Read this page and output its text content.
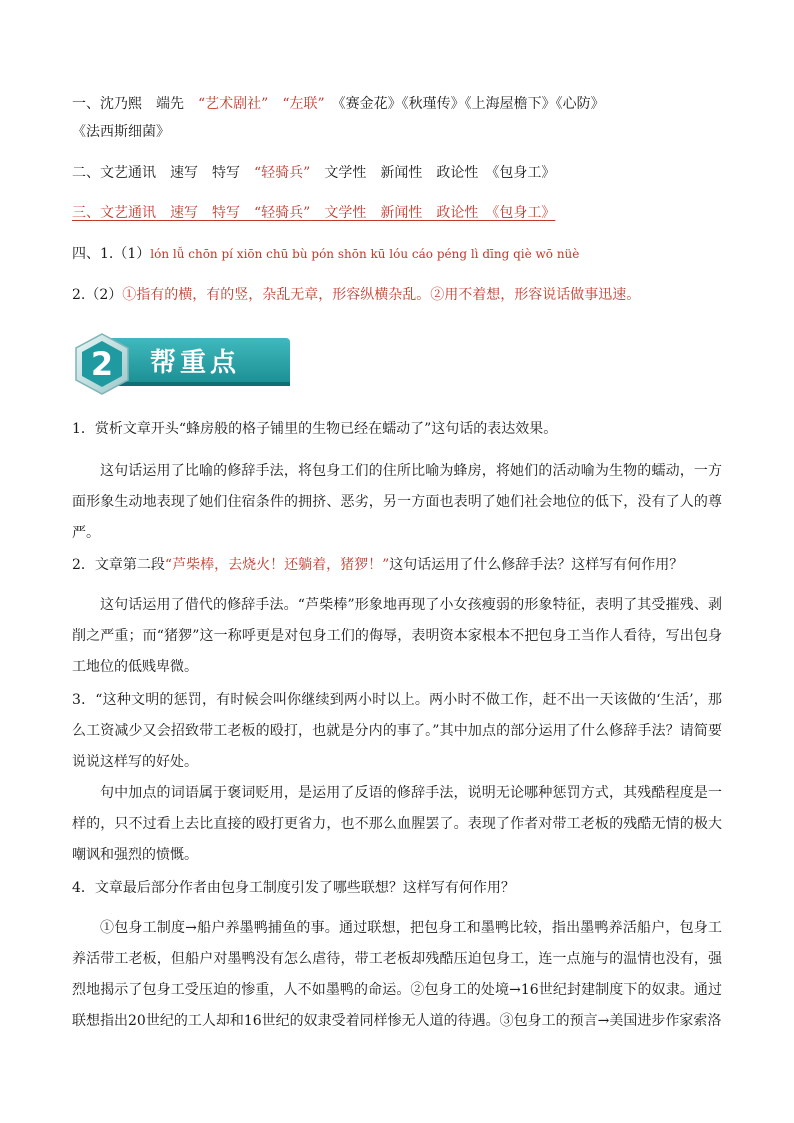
一、沈乃熙　端先　“艺术剧社”　“左联”　《赛金花》《秋瑾传》《上海屋檐下》《心防》
《法西斯细菌》
二、文艺通讯　速写　特写　“轻骑兵”　文学性　新闻性　政论性　《包身工》
三、文艺通讯　速写　特写　“轻骑兵”　文学性　新闻性　政论性　《包身工》
四、1.（1）lón lǚ chōn pí xiōn chū bù pón shōn kū lóu cáo péng lì dīng qiè wō nüè
2.（2）①指有的横，有的竖，杂乱无章，形容纵横杂乱。②用不着想，形容说话做事迅速。
2 帮重点
1．赏析文章开头“蜂房般的格子铺里的生物已经在蠕动了”这句话的表达效果。
这句话运用了比喻的修辞手法，将包身工们的住所比喻为蜂房，将她们的活动喻为生物的蠕动，一方面形象生动地表现了她们住宿条件的拥挤、恶劣，另一方面也表明了她们社会地位的低下，没有了人的尊严。
2．文章第二段“芦柴棒，去烧火！还躺着，猪猡！”这句话运用了什么修辞手法？这样写有何作用？
这句话运用了借代的修辞手法。“芦柴棒”形象地再现了小女孩瘦弱的形象特征，表明了其受摧残、剥削之严重；而“猪猡”这一称呼更是对包身工们的侮辱，表明资本家根本不把包身工当作人看待，写出包身工地位的低贱卑微。
3．“这种文明的惩罚，有时候会叫你继续到两小时以上。两小时不做工作，赶不出一天该做的‘生活’，那么工资减少又会招致带工老板的殴打，也就是分内的事了。”其中加点的部分运用了什么修辞手法？请简要说说这样写的好处。
句中加点的词语属于褒词贬用，是运用了反语的修辞手法，说明无论哪种惩罚方式，其残酷程度是一样的，只不过看上去比直接的殴打更省力，也不那么血腥罢了。表现了作者对带工老板的残酷无情的极大嘲讽和强烈的愤慨。
4．文章最后部分作者由包身工制度引发了哪些联想？这样写有何作用？
①包身工制度→船户养墨鸭捕鱼的事。通过联想，把包身工和墨鸭比较，指出墨鸭养活船户，包身工养活带工老板，但船户对墨鸭没有怎么虐待，带工老板却残酷压迫包身工，连一点施与的温情也没有，强烈地揭示了包身工受压迫的惨重，人不如墨鸭的命运。②包身工的处境→16世纪封建制度下的奴隶。通过联想指出20世纪的工人却和16世纪的奴隶受着同样惨无人道的待遇。③包身工的预言→美国进步作家索洛
